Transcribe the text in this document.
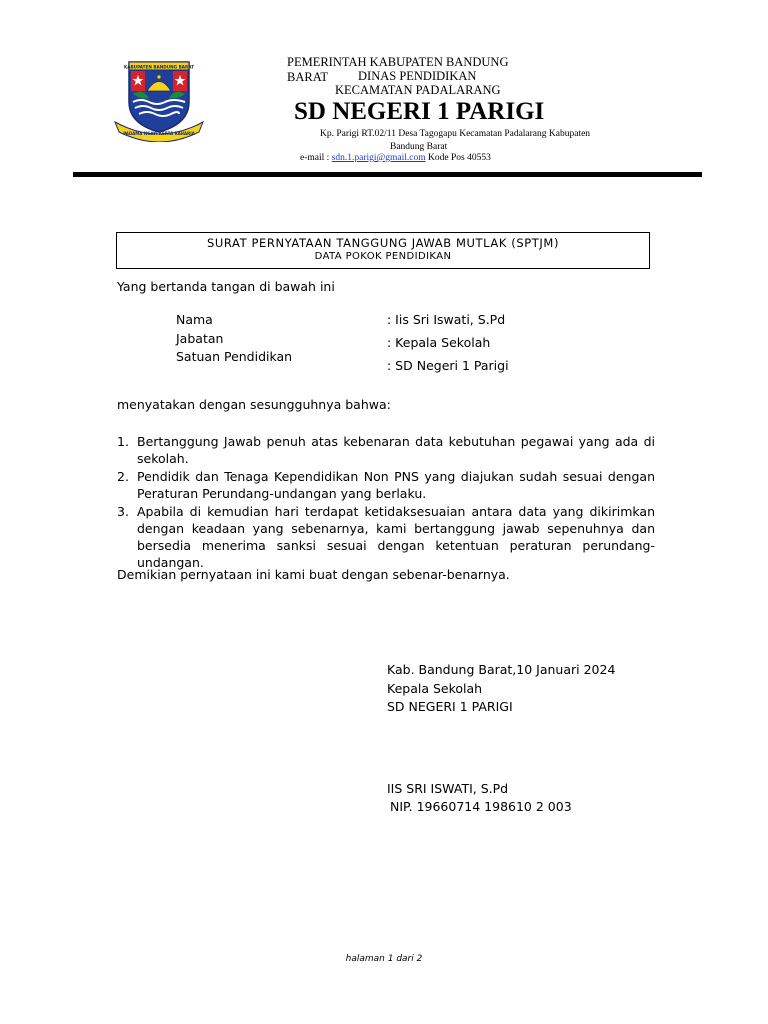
KABUPATEN BANDUNG BARAT
PADAMA NGAYI KERTA RAHARJA
PEMERINTAH KABUPATEN BANDUNG BARAT	DINAS PENDIDIKAN
KECAMATAN PADALARANG
SD NEGERI 1 PARIGI
Kp. Parigi RT.02/11 Desa Tagogapu Kecamatan Padalarang Kabupaten
Bandung Barat
e-mail : sdn.1.parigi@gmail.com Kode Pos 40553
SURAT PERNYATAAN TANGGUNG JAWAB MUTLAK (SPTJM)
DATA POKOK PENDIDIKAN
Yang bertanda tangan di bawah ini
Nama
Jabatan
Satuan Pendidikan
: Iis Sri Iswati, S.Pd
: Kepala Sekolah
: SD Negeri 1 Parigi
menyatakan dengan sesungguhnya bahwa:
1. Bertanggung Jawab penuh atas kebenaran data kebutuhan pegawai yang ada di sekolah.
2. Pendidik dan Tenaga Kependidikan Non PNS yang diajukan sudah sesuai dengan Peraturan Perundang-undangan yang berlaku.
3. Apabila di kemudian hari terdapat ketidaksesuaian antara data yang dikirimkan dengan keadaan yang sebenarnya, kami bertanggung jawab sepenuhnya dan bersedia menerima sanksi sesuai dengan ketentuan peraturan perundang-undangan.
Demikian pernyataan ini kami buat dengan sebenar-benarnya.
Kab. Bandung Barat,10 Januari 2024
Kepala Sekolah
SD NEGERI 1 PARIGI
IIS SRI ISWATI, S.Pd
NIP. 19660714 198610 2 003
halaman 1 dari 2
